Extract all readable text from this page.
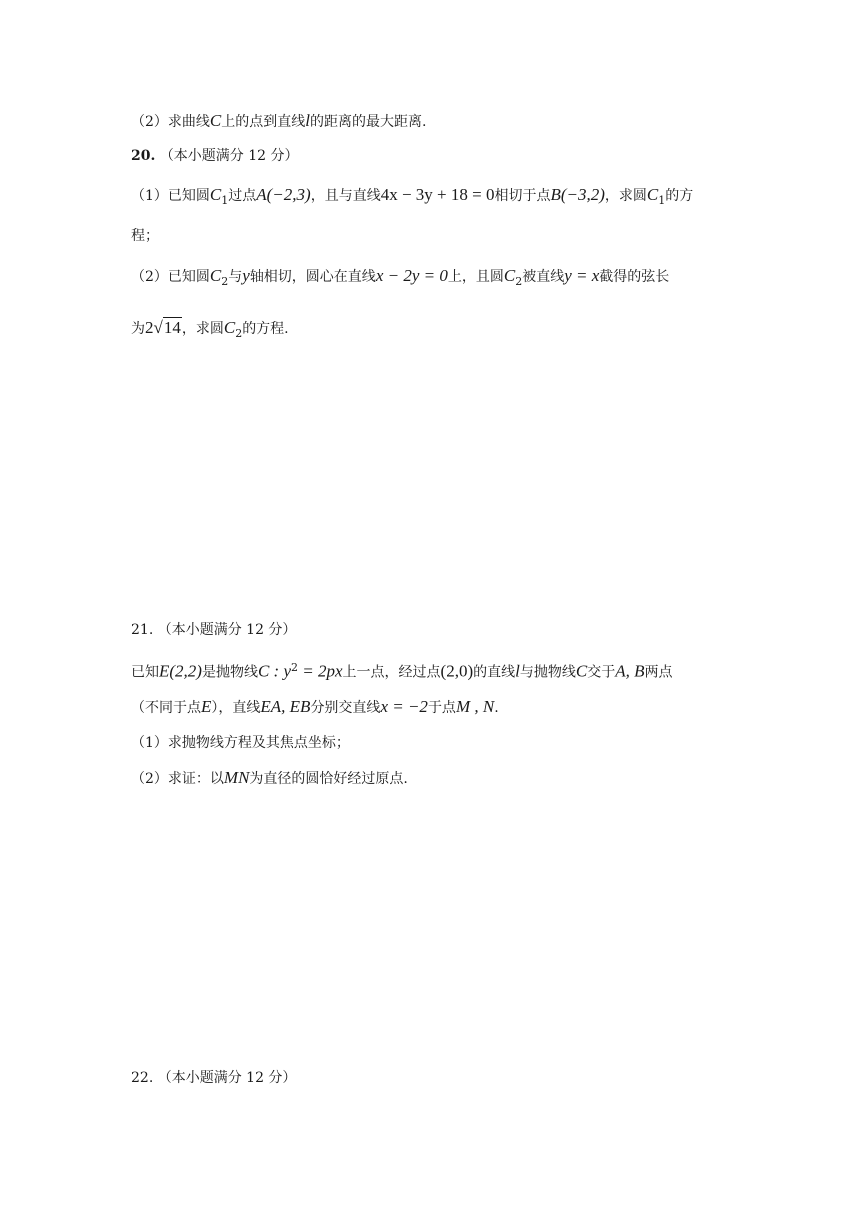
（2）求曲线C上的点到直线l的距离的最大距离.
20. （本小题满分 12 分）
（1）已知圆$C_1$过点A(−2,3)，且与直线4x − 3y + 18 = 0相切于点B(−3,2)，求圆$C_1$的方
程；
（2）已知圆$C_2$与y轴相切，圆心在直线x − 2y = 0上，且圆$C_2$被直线y = x截得的弦长
为2√14，求圆$C_2$的方程.
21. （本小题满分 12 分）
已知E(2,2)是抛物线C : $y^2 = 2px$上一点，经过点(2,0)的直线l与抛物线C交于A, B两点
（不同于点E），直线EA, EB分别交直线x = −2于点M , N.
（1）求抛物线方程及其焦点坐标；
（2）求证：以MN为直径的圆恰好经过原点.
22. （本小题满分 12 分）
